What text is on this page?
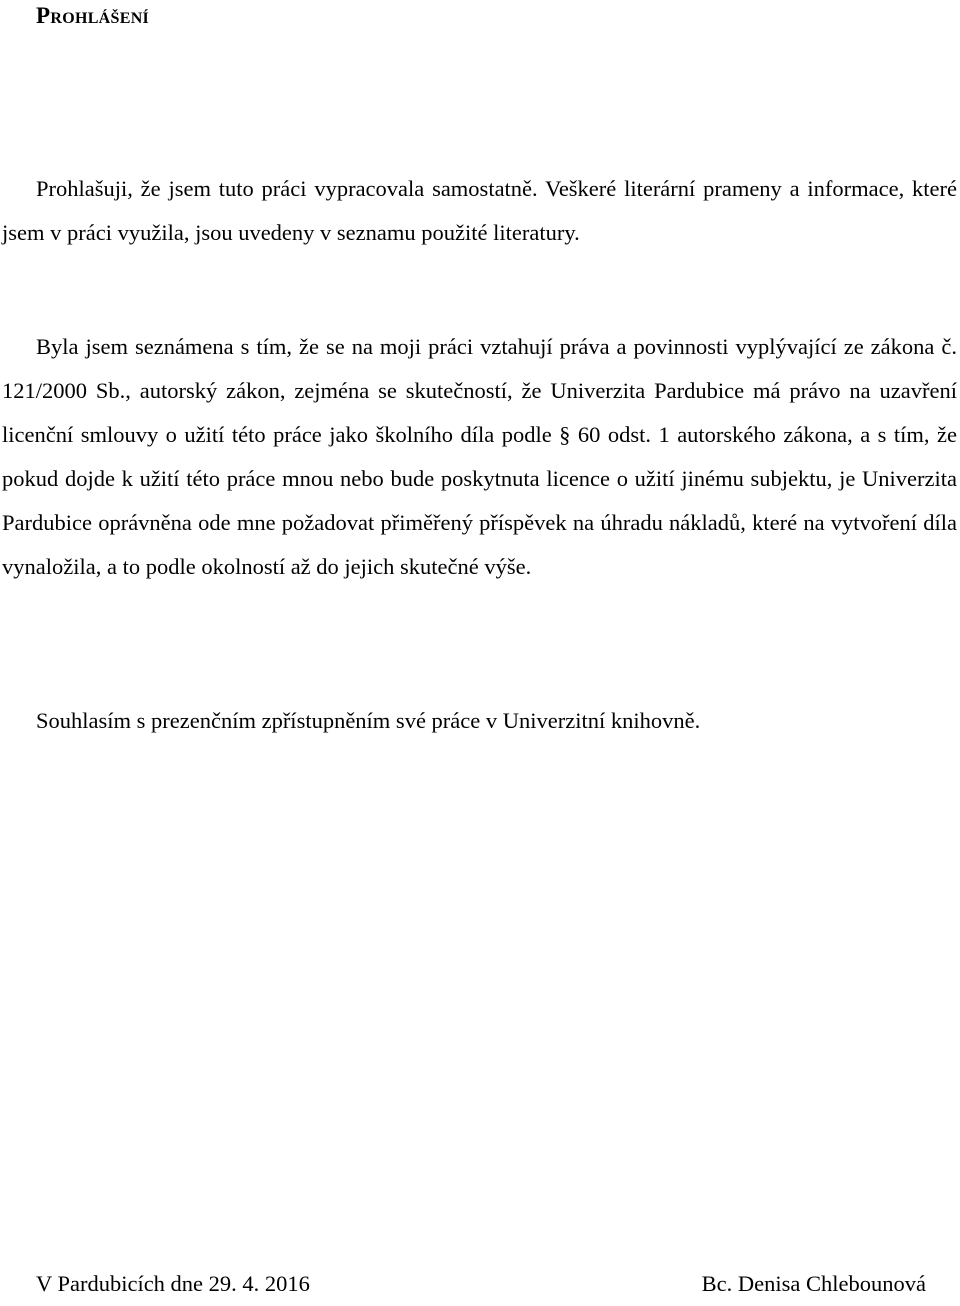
Prohlášení

Prohlašuji, že jsem tuto práci vypracovala samostatně. Veškeré literární prameny a informace, které jsem v práci využila, jsou uvedeny v seznamu použité literatury.

Byla jsem seznámena s tím, že se na moji práci vztahují práva a povinnosti vyplývající ze zákona č. 121/2000 Sb., autorský zákon, zejména se skutečností, že Univerzita Pardubice má právo na uzavření licenční smlouvy o užití této práce jako školního díla podle § 60 odst. 1 autorského zákona, a s tím, že pokud dojde k užití této práce mnou nebo bude poskytnuta licence o užití jinému subjektu, je Univerzita Pardubice oprávněna ode mne požadovat přiměřený příspěvek na úhradu nákladů, které na vytvoření díla vynaložila, a to podle okolností až do jejich skutečné výše.

Souhlasím s prezenčním zpřístupněním své práce v Univerzitní knihovně.

V Pardubicích dne 29. 4. 2016	Bc. Denisa Chlebounová
